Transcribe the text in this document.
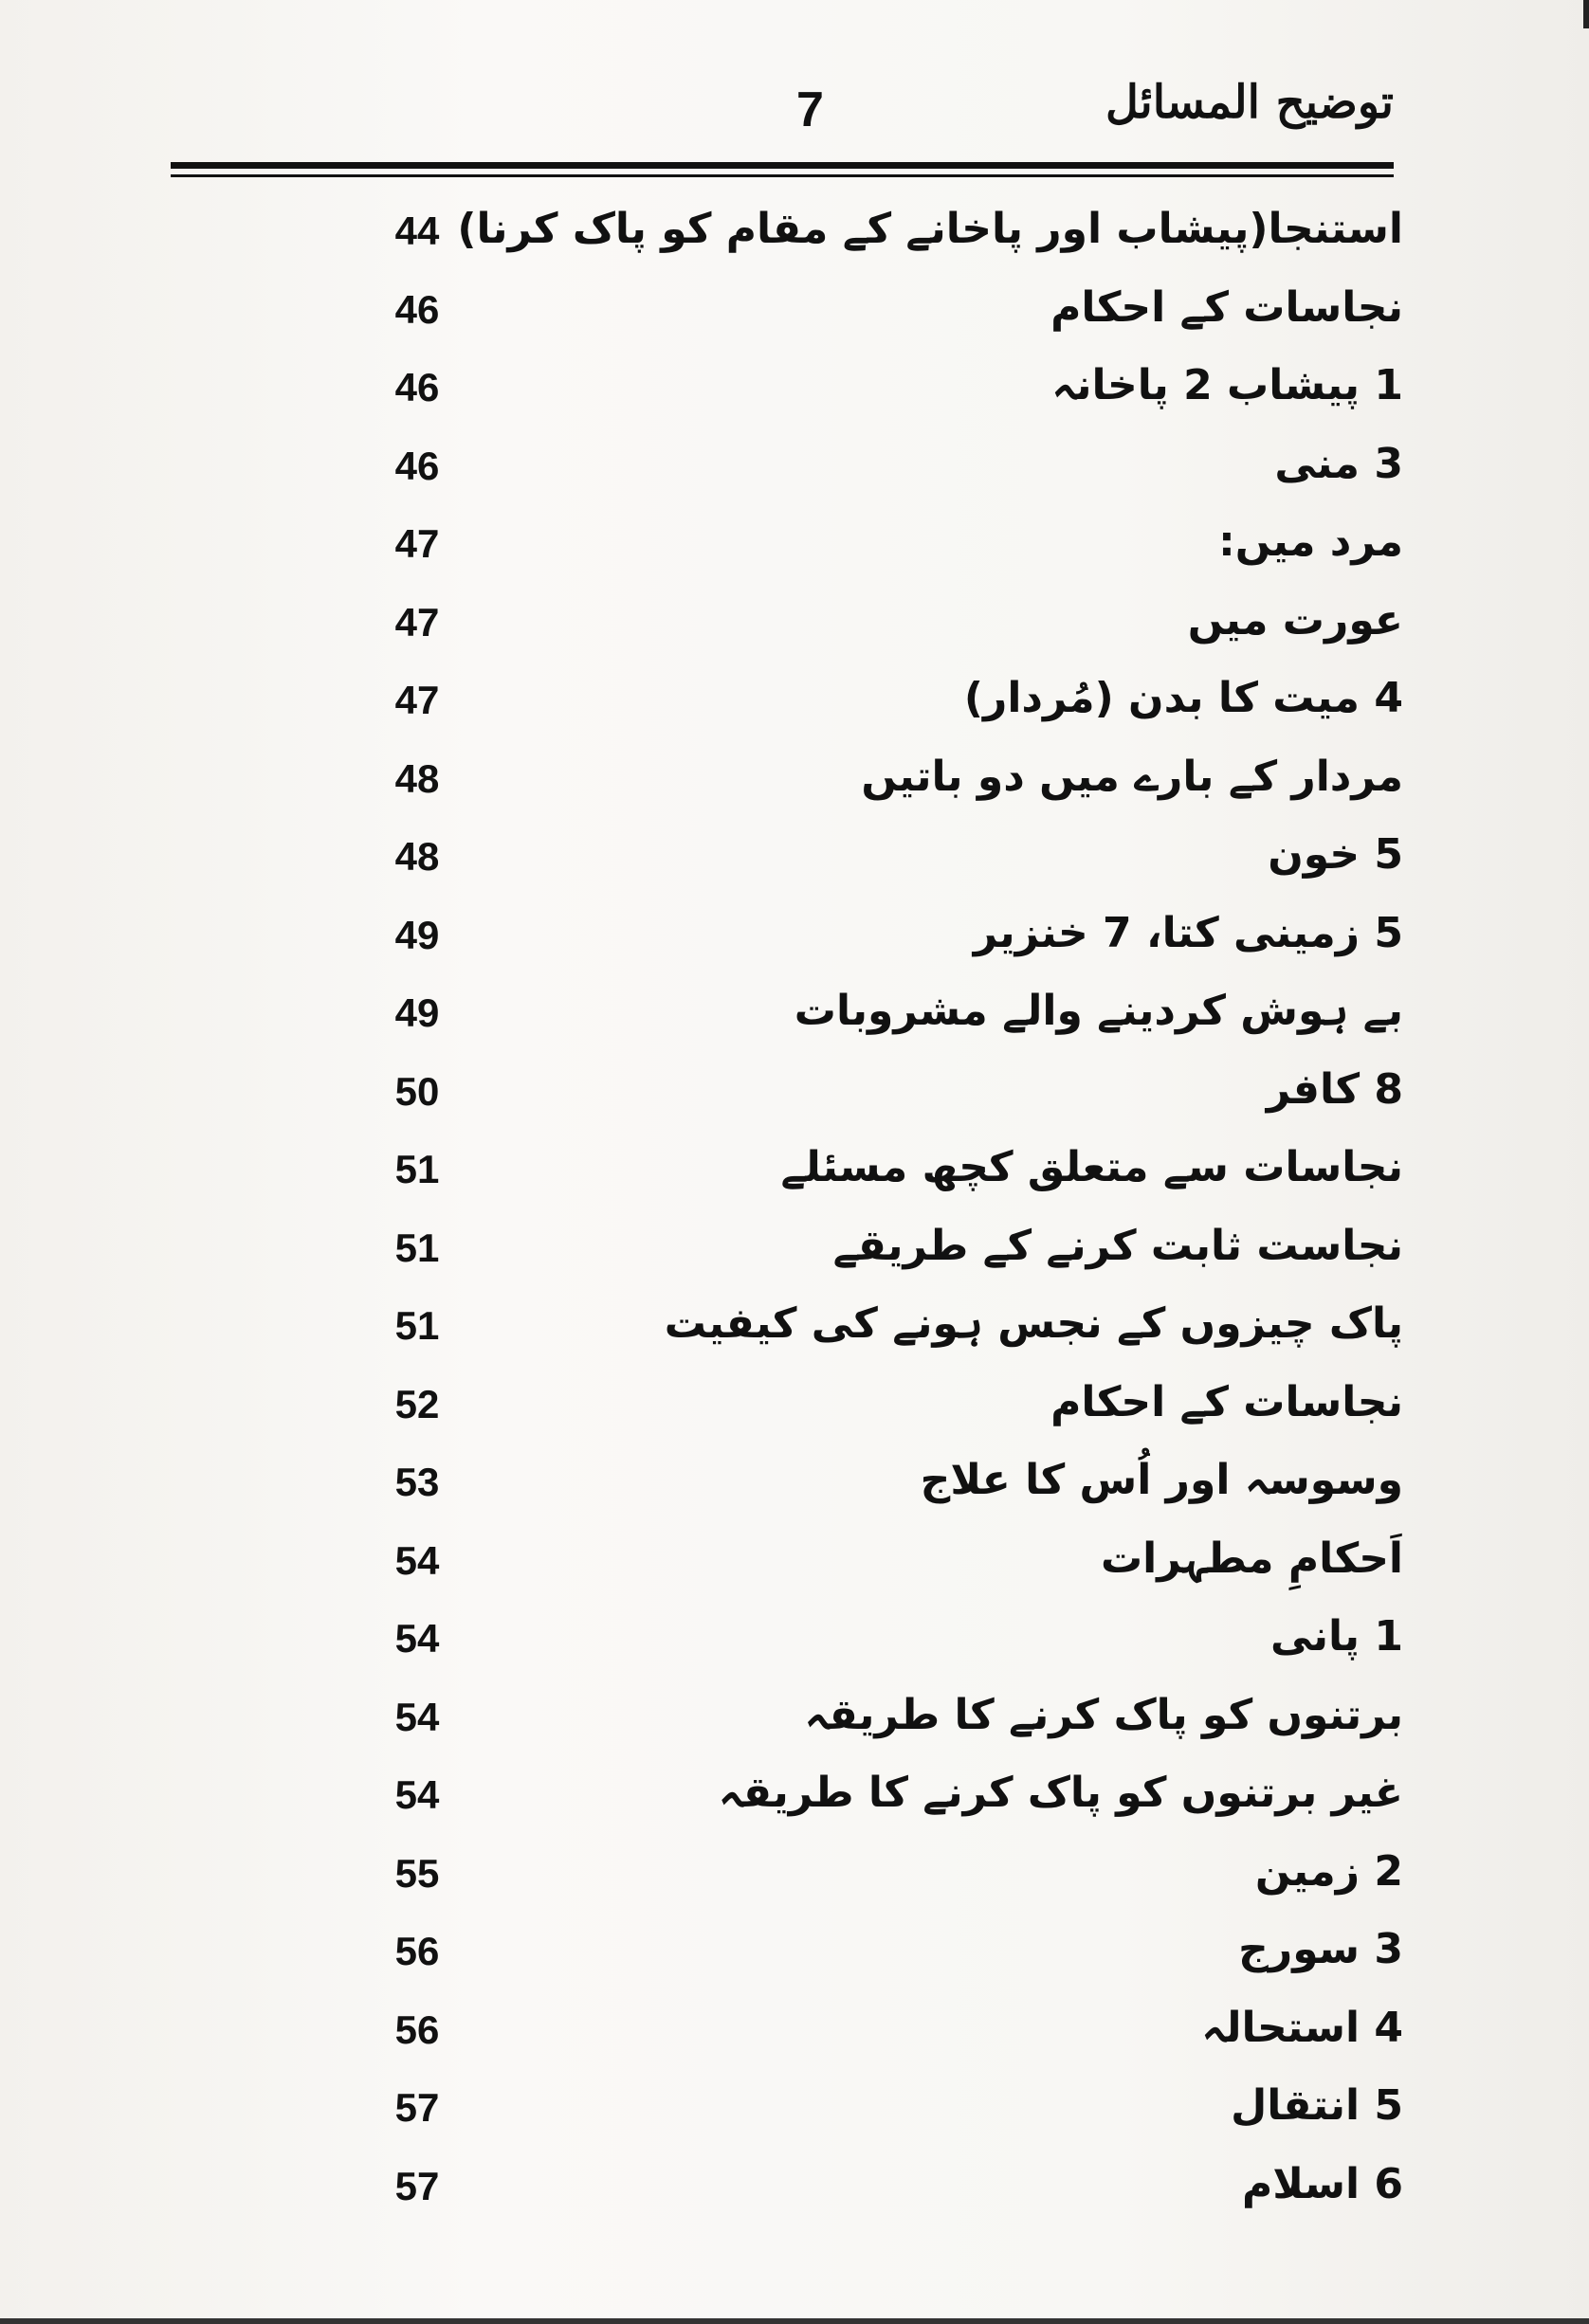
توضیح المسائل
7
استنجا(پیشاب اور پاخانے کے مقام کو پاک کرنا)
44
نجاسات کے احکام
46
1 پیشاب 2 پاخانہ
46
3 منی
46
مرد میں:
47
عورت میں
47
4 میت کا بدن (مُردار)
47
مردار کے بارے میں دو باتیں
48
5 خون
48
5 زمینی کتا، 7 خنزیر
49
بے ہوش کردینے والے مشروبات
49
8 کافر
50
نجاسات سے متعلق کچھ مسئلے
51
نجاست ثابت کرنے کے طریقے
51
پاک چیزوں کے نجس ہونے کی کیفیت
51
نجاسات کے احکام
52
وسوسہ اور اُس کا علاج
53
اَحکامِ مطہرات
54
1 پانی
54
برتنوں کو پاک کرنے کا طریقہ
54
غیر برتنوں کو پاک کرنے کا طریقہ
54
2 زمین
55
3 سورج
56
4 استحالہ
56
5 انتقال
57
6 اسلام
57
